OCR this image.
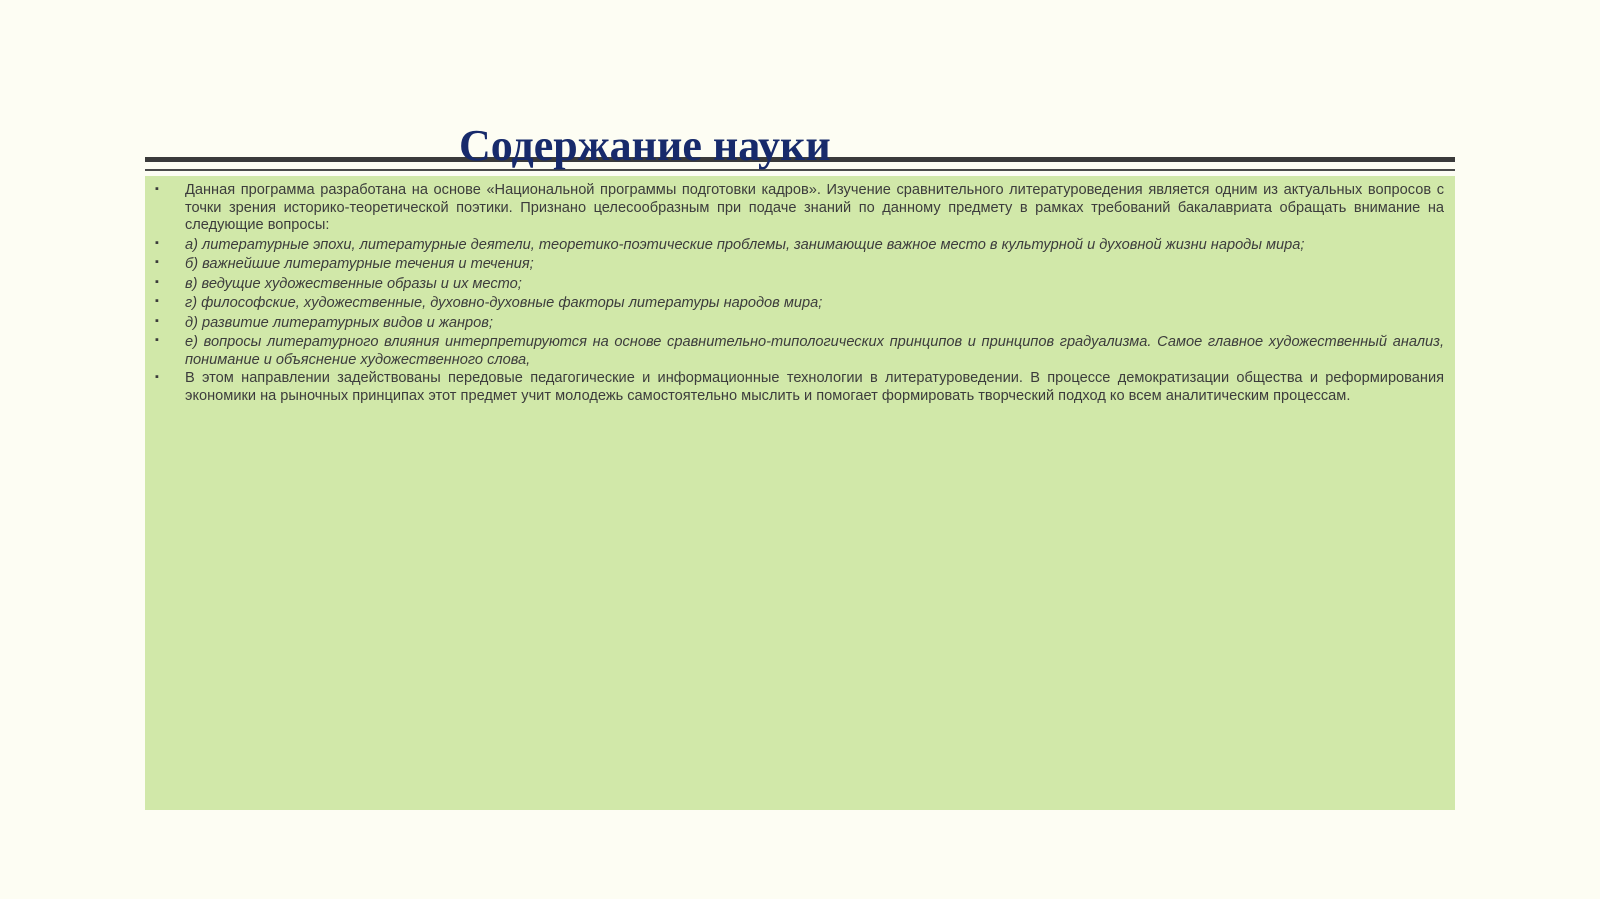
Содержание науки
▪ Данная программа разработана на основе «Национальной программы подготовки кадров». Изучение сравнительного литературоведения является одним из актуальных вопросов с точки зрения историко-теоретической поэтики. Признано целесообразным при подаче знаний по данному предмету в рамках требований бакалавриата обращать внимание на следующие вопросы:
▪ а) литературные эпохи, литературные деятели, теоретико-поэтические проблемы, занимающие важное место в культурной и духовной жизни народы мира;
▪ б) важнейшие литературные течения и течения;
▪ в) ведущие художественные образы и их место;
▪ г) философские, художественные, духовно-духовные факторы литературы народов мира;
▪ д) развитие литературных видов и жанров;
▪ е) вопросы литературного влияния интерпретируются на основе сравнительно-типологических принципов и принципов градуализма. Самое главное художественный анализ, понимание и объяснение художественного слова,
▪ В этом направлении задействованы передовые педагогические и информационные технологии в литературоведении. В процессе демократизации общества и реформирования экономики на рыночных принципах этот предмет учит молодежь самостоятельно мыслить и помогает формировать творческий подход ко всем аналитическим процессам.
